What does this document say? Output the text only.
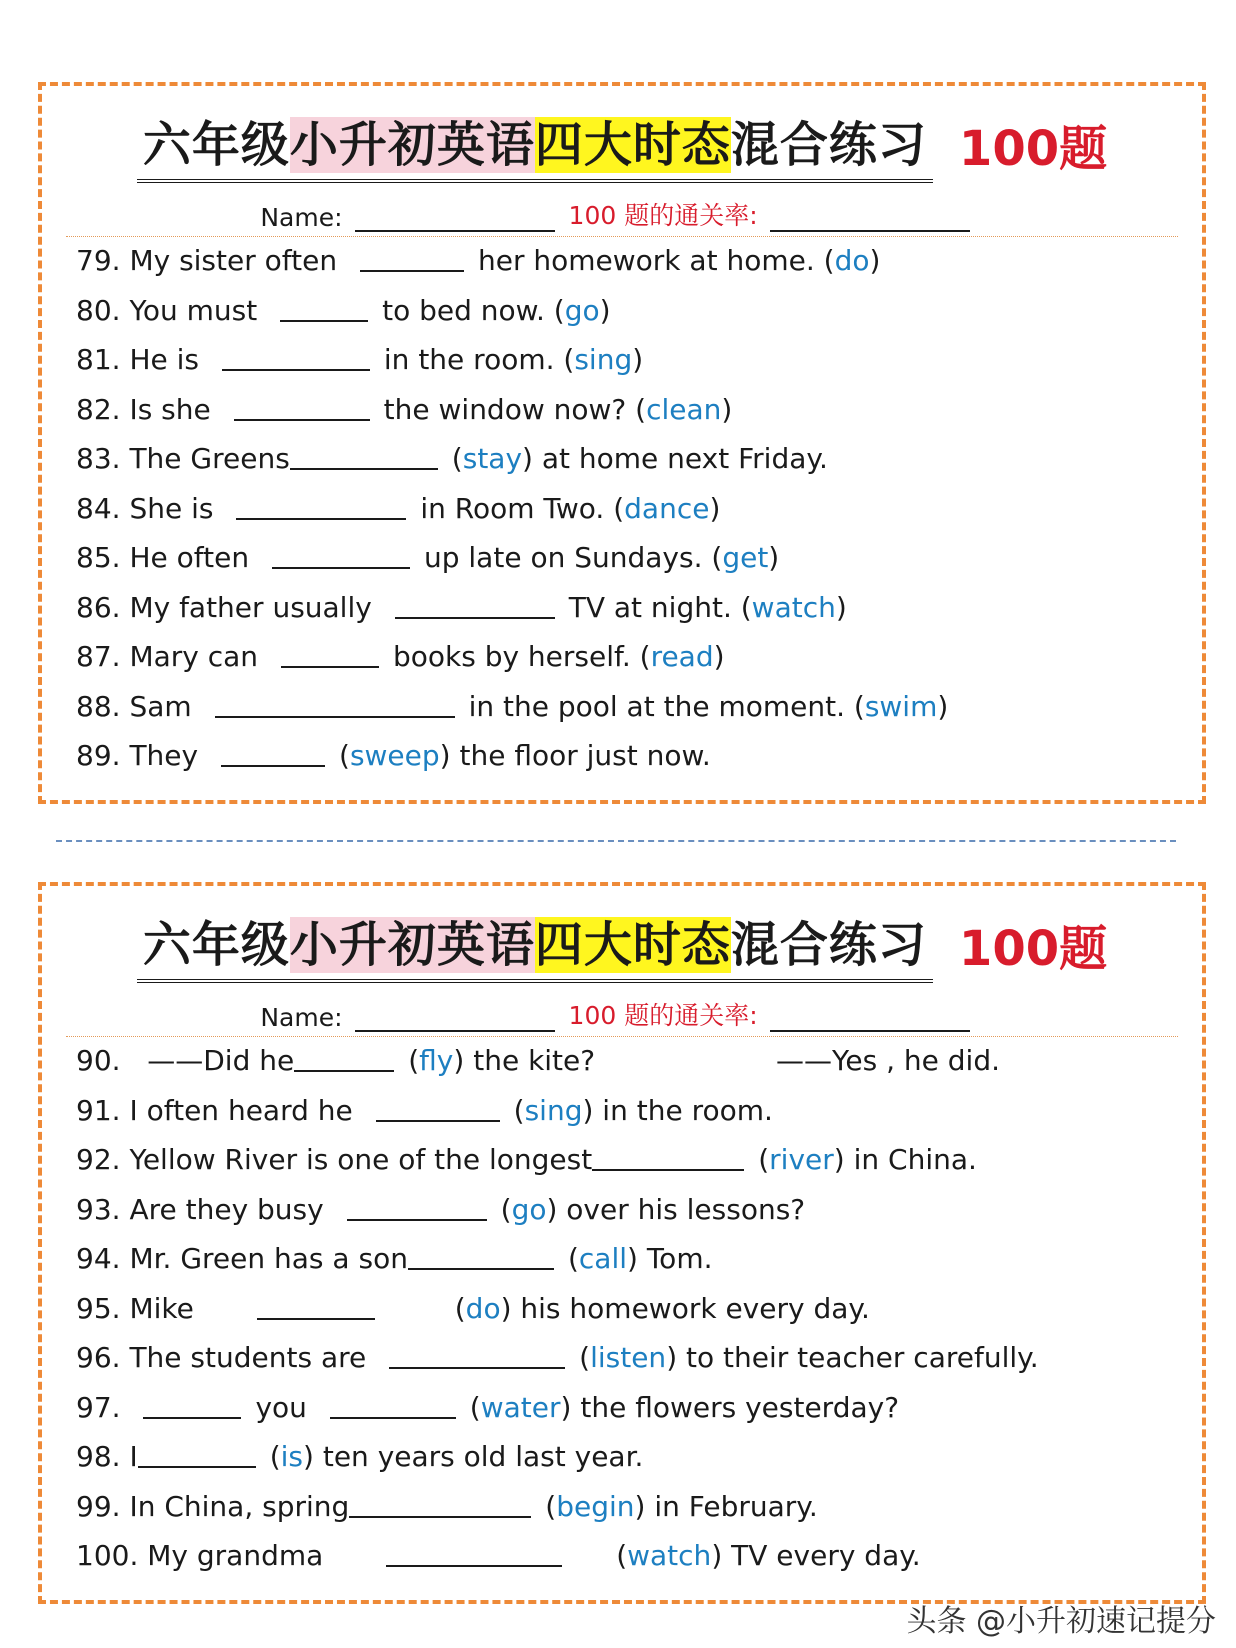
六年级小升初英语四大时态混合练习 100题
Name:	100 题的通关率:
79. My sister often	her homework at home. (do)
80. You must	to bed now. (go)
81. He is	in the room. (sing)
82. Is she	the window now? (clean)
83. The Greens	(stay) at home next Friday.
84. She is	in Room Two. (dance)
85. He often	up late on Sundays. (get)
86. My father usually	TV at night. (watch)
87. Mary can	books by herself. (read)
88. Sam	in the pool at the moment. (swim)
89. They	(sweep) the floor just now.
六年级小升初英语四大时态混合练习 100题
Name:	100 题的通关率:
90. ——Did he	(fly) the kite?	——Yes , he did.
91. I often heard he	(sing) in the room.
92. Yellow River is one of the longest	(river) in China.
93. Are they busy	(go) over his lessons?
94. Mr. Green has a son	(call) Tom.
95. Mike	(do) his homework every day.
96. The students are	(listen) to their teacher carefully.
97.	you	(water) the flowers yesterday?
98. I	(is) ten years old last year.
99. In China, spring	(begin) in February.
100. My grandma	(watch) TV every day.
头条 @小升初速记提分
